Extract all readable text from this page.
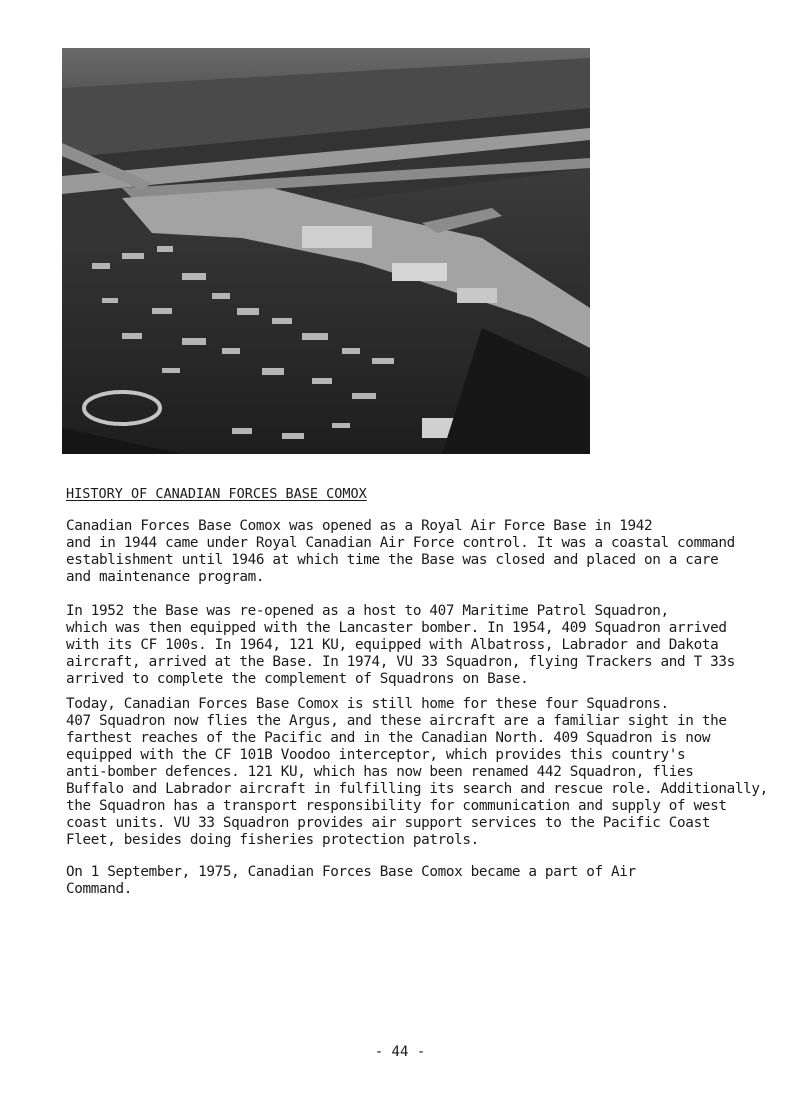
HISTORY OF CANADIAN FORCES BASE COMOX
Canadian Forces Base Comox was opened as a Royal Air Force Base in 1942
and in 1944 came under Royal Canadian Air Force control. It was a coastal command
establishment until 1946 at which time the Base was closed and placed on a care
and maintenance program.
In 1952 the Base was re-opened as a host to 407 Maritime Patrol Squadron,
which was then equipped with the Lancaster bomber. In 1954, 409 Squadron arrived
with its CF 100s. In 1964, 121 KU, equipped with Albatross, Labrador and Dakota
aircraft, arrived at the Base. In 1974, VU 33 Squadron, flying Trackers and T 33s
arrived to complete the complement of Squadrons on Base.
Today, Canadian Forces Base Comox is still home for these four Squadrons.
407 Squadron now flies the Argus, and these aircraft are a familiar sight in the
farthest reaches of the Pacific and in the Canadian North. 409 Squadron is now
equipped with the CF 101B Voodoo interceptor, which provides this country's
anti-bomber defences. 121 KU, which has now been renamed 442 Squadron, flies
Buffalo and Labrador aircraft in fulfilling its search and rescue role. Additionally,
the Squadron has a transport responsibility for communication and supply of west
coast units. VU 33 Squadron provides air support services to the Pacific Coast
Fleet, besides doing fisheries protection patrols.
On 1 September, 1975, Canadian Forces Base Comox became a part of Air
Command.
- 44 -
